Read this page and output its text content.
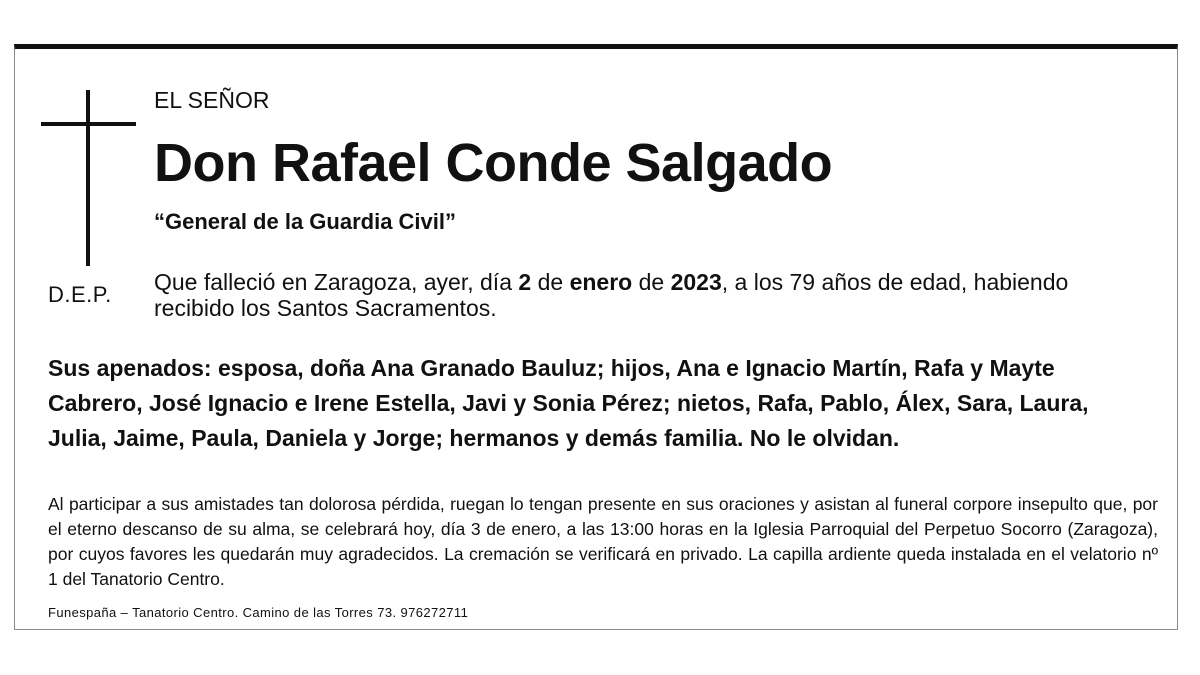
D.E.P.
EL SEÑOR
Don Rafael Conde Salgado
“General de la Guardia Civil”
Que falleció en Zaragoza, ayer, día 2 de enero de 2023, a los 79 años de edad, habiendo recibido los Santos Sacramentos.
Sus apenados: esposa, doña Ana Granado Bauluz; hijos, Ana e Ignacio Martín, Rafa y Mayte Cabrero, José Ignacio e Irene Estella, Javi y Sonia Pérez; nietos, Rafa, Pablo, Álex, Sara, Laura, Julia, Jaime, Paula, Daniela y Jorge; hermanos y demás familia. No le olvidan.
Al participar a sus amistades tan dolorosa pérdida, ruegan lo tengan presente en sus oraciones y asistan al funeral corpore insepulto que, por el eterno descanso de su alma, se celebrará hoy, día 3 de enero, a las 13:00 horas en la Iglesia Parroquial del Perpetuo Socorro (Zaragoza), por cuyos favores les quedarán muy agradecidos. La cremación se verificará en privado. La capilla ardiente queda instalada en el velatorio nº 1 del Tanatorio Centro.
Funespaña – Tanatorio Centro. Camino de las Torres 73. 976272711
